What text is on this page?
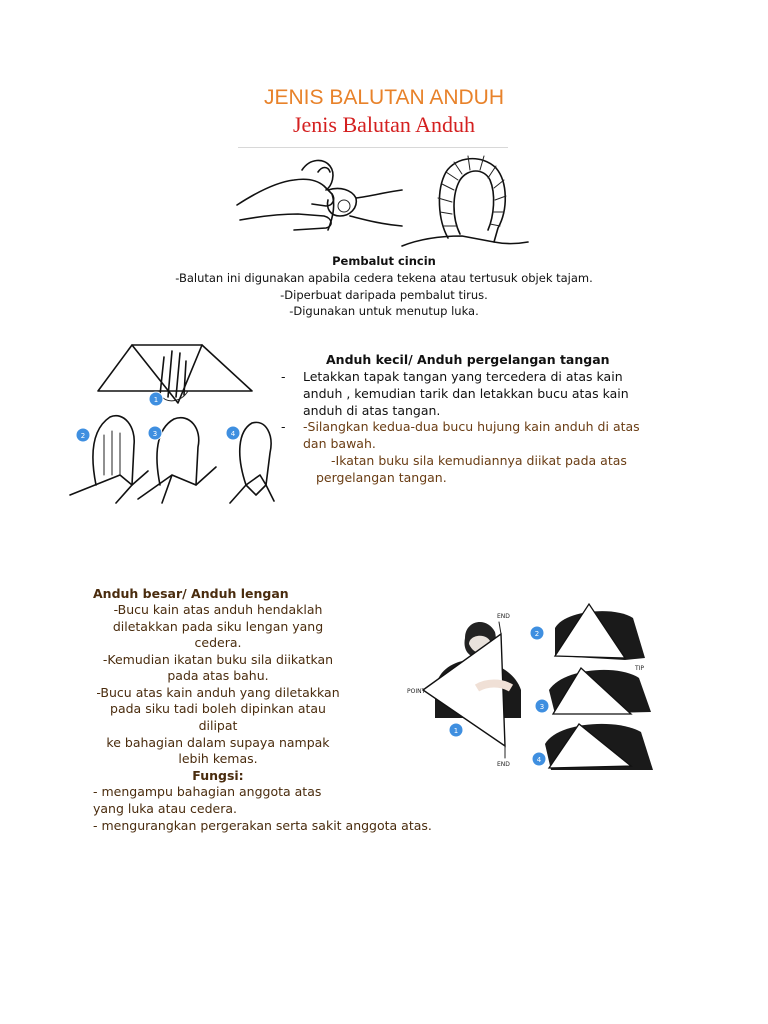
JENIS BALUTAN ANDUH
Jenis Balutan Anduh
Pembalut cincin
-Balutan ini digunakan apabila cedera tekena atau tertusuk objek tajam.
-Diperbuat daripada pembalut tirus.
-Digunakan untuk menutup luka.
1
2	3	4
Anduh kecil/ Anduh pergelangan tangan
- Letakkan tapak tangan yang tercedera di atas kain
anduh , kemudian tarik dan letakkan bucu atas kain
anduh di atas tangan.
- -Silangkan kedua-dua bucu hujung kain anduh di atas
dan bawah.
-Ikatan buku sila kemudiannya diikat pada atas
pergelangan tangan.
Anduh besar/ Anduh lengan
-Bucu kain atas anduh hendaklah
diletakkan pada siku lengan yang
cedera.
-Kemudian ikatan buku sila diikatkan
pada atas bahu.
-Bucu atas kain anduh yang diletakkan
pada siku tadi boleh dipinkan atau
dilipat
ke bahagian dalam supaya nampak
lebih kemas.
Fungsi:
- mengampu bahagian anggota atas
yang luka atau cedera.
- mengurangkan pergerakan serta sakit anggota atas.
END
POINT
END
TIP
1
2
3
4
